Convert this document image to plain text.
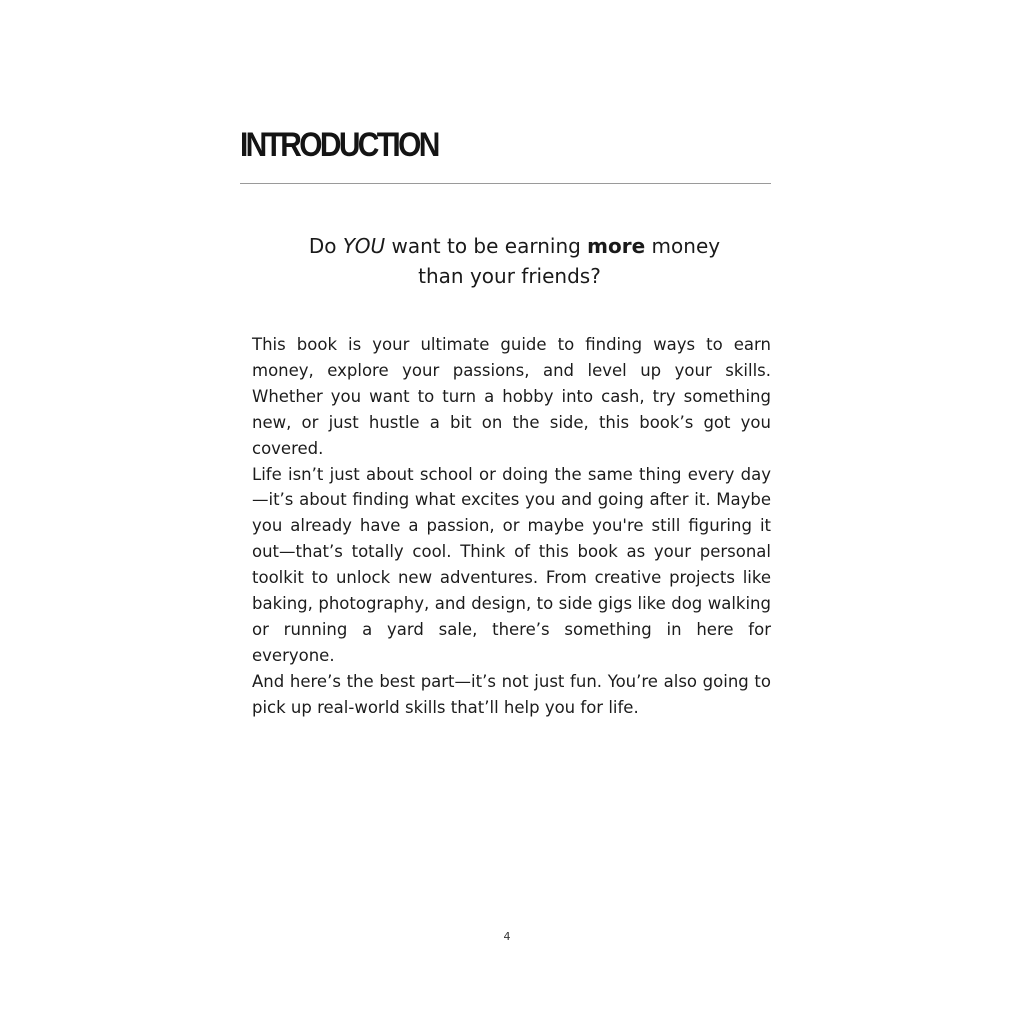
INTRODUCTION

Do YOU want to be earning more money
than your friends?

This book is your ultimate guide to finding ways to earn money, explore your passions, and level up your skills. Whether you want to turn a hobby into cash, try something new, or just hustle a bit on the side, this book’s got you covered.

Life isn’t just about school or doing the same thing every day—it’s about finding what excites you and going after it. Maybe you already have a passion, or maybe you're still figuring it out—that’s totally cool. Think of this book as your personal toolkit to unlock new adventures. From creative projects like baking, photography, and design, to side gigs like dog walking or running a yard sale, there’s something in here for everyone.

And here’s the best part—it’s not just fun. You’re also going to pick up real-world skills that’ll help you for life.

4
